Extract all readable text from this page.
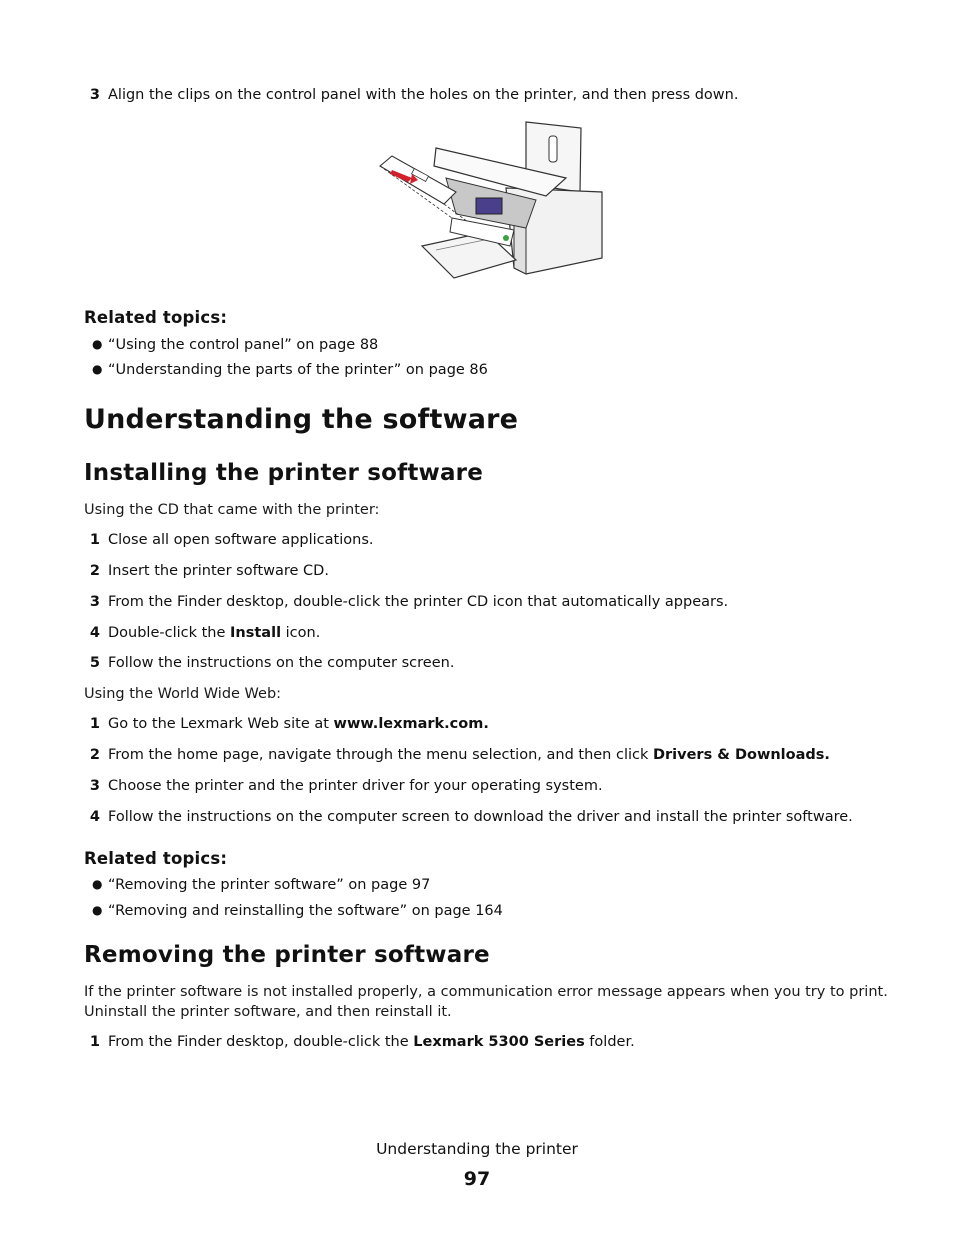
3 Align the clips on the control panel with the holes on the printer, and then press down.
Related topics:
● “Using the control panel” on page 88
● “Understanding the parts of the printer” on page 86
Understanding the software
Installing the printer software
Using the CD that came with the printer:
1 Close all open software applications.
2 Insert the printer software CD.
3 From the Finder desktop, double-click the printer CD icon that automatically appears.
4 Double-click the Install icon.
5 Follow the instructions on the computer screen.
Using the World Wide Web:
1 Go to the Lexmark Web site at www.lexmark.com.
2 From the home page, navigate through the menu selection, and then click Drivers & Downloads.
3 Choose the printer and the printer driver for your operating system.
4 Follow the instructions on the computer screen to download the driver and install the printer software.
Related topics:
● “Removing the printer software” on page 97
● “Removing and reinstalling the software” on page 164
Removing the printer software
If the printer software is not installed properly, a communication error message appears when you try to print.
Uninstall the printer software, and then reinstall it.
1 From the Finder desktop, double-click the Lexmark 5300 Series folder.
Understanding the printer
97
